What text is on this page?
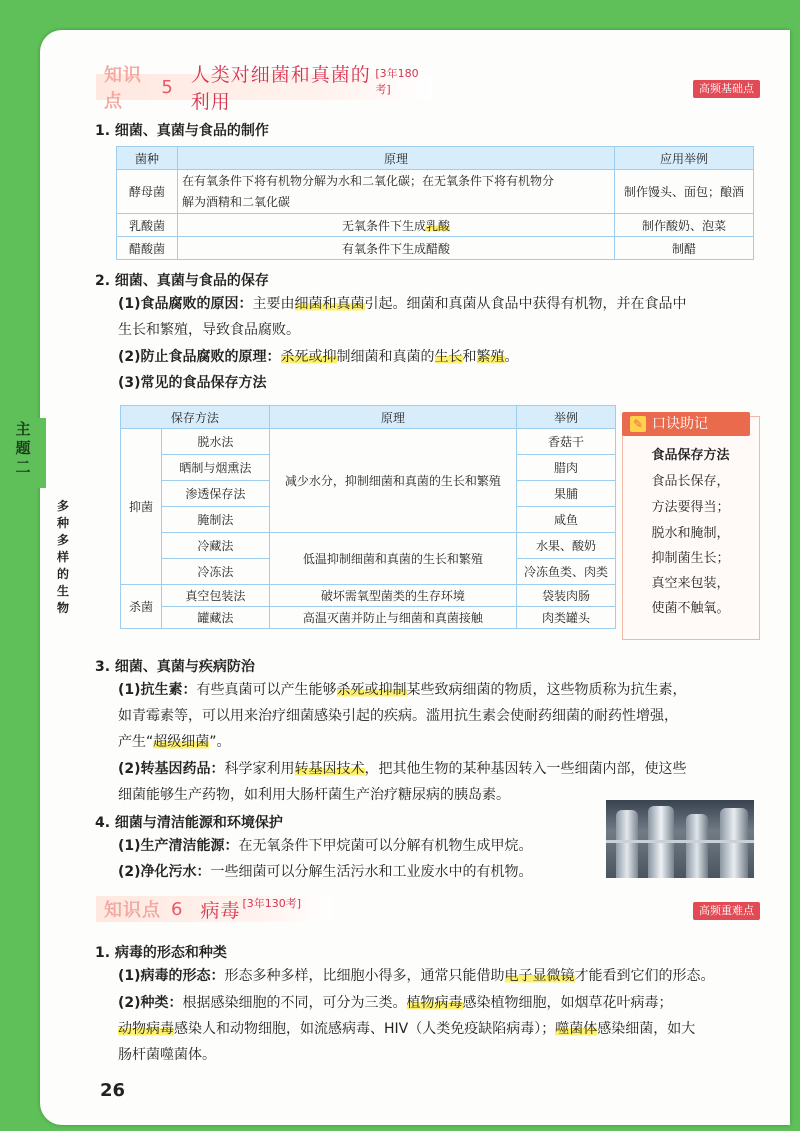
主题二
多种多样的生物
知识点
5
人类对细菌和真菌的利用
[3年180考]	高频基础点
1. 细菌、真菌与食品的制作
菌种	原理	应用举例
酵母菌	在有氧条件下将有机物分解为水和二氧化碳；在无氧条件下将有机物分
解为酒精和二氧化碳	制作馒头、面包；酿酒
乳酸菌	无氧条件下生成乳酸	制作酸奶、泡菜
醋酸菌	有氧条件下生成醋酸	制醋
2. 细菌、真菌与食品的保存
(1)食品腐败的原因：主要由细菌和真菌引起。细菌和真菌从食品中获得有机物，并在食品中
生长和繁殖，导致食品腐败。
(2)防止食品腐败的原理：杀死或抑制细菌和真菌的生长和繁殖。
(3)常见的食品保存方法
保存方法		原理	举例
抑菌	脱水法	减少水分，抑制细菌和真菌的生长和繁殖	香菇干
	晒制与烟熏法		腊肉
	渗透保存法		果脯
	腌制法		咸鱼
	冷藏法	低温抑制细菌和真菌的生长和繁殖	水果、酸奶
	冷冻法		冷冻鱼类、肉类
杀菌	真空包装法	破坏需氧型菌类的生存环境	袋装肉肠
	罐藏法	高温灭菌并防止与细菌和真菌接触	肉类罐头
✎ 口诀助记
食品保存方法
食品长保存，
方法要得当；
脱水和腌制，
抑制菌生长；
真空来包装，
使菌不触氧。
3. 细菌、真菌与疾病防治
(1)抗生素：有些真菌可以产生能够杀死或抑制某些致病细菌的物质，这些物质称为抗生素，
如青霉素等，可以用来治疗细菌感染引起的疾病。滥用抗生素会使耐药细菌的耐药性增强，
产生“超级细菌”。
(2)转基因药品：科学家利用转基因技术，把其他生物的某种基因转入一些细菌内部，使这些
细菌能够生产药物，如利用大肠杆菌生产治疗糖尿病的胰岛素。
4. 细菌与清洁能源和环境保护
(1)生产清洁能源：在无氧条件下甲烷菌可以分解有机物生成甲烷。
(2)净化污水：一些细菌可以分解生活污水和工业废水中的有机物。
知识点 6 病毒 [3年130考]
高频重难点
1. 病毒的形态和种类
(1)病毒的形态：形态多种多样，比细胞小得多，通常只能借助电子显微镜才能看到它们的形态。
(2)种类：根据感染细胞的不同，可分为三类。植物病毒感染植物细胞，如烟草花叶病毒；
动物病毒感染人和动物细胞，如流感病毒、HIV（人类免疫缺陷病毒）；噬菌体感染细菌，如大
肠杆菌噬菌体。
26
